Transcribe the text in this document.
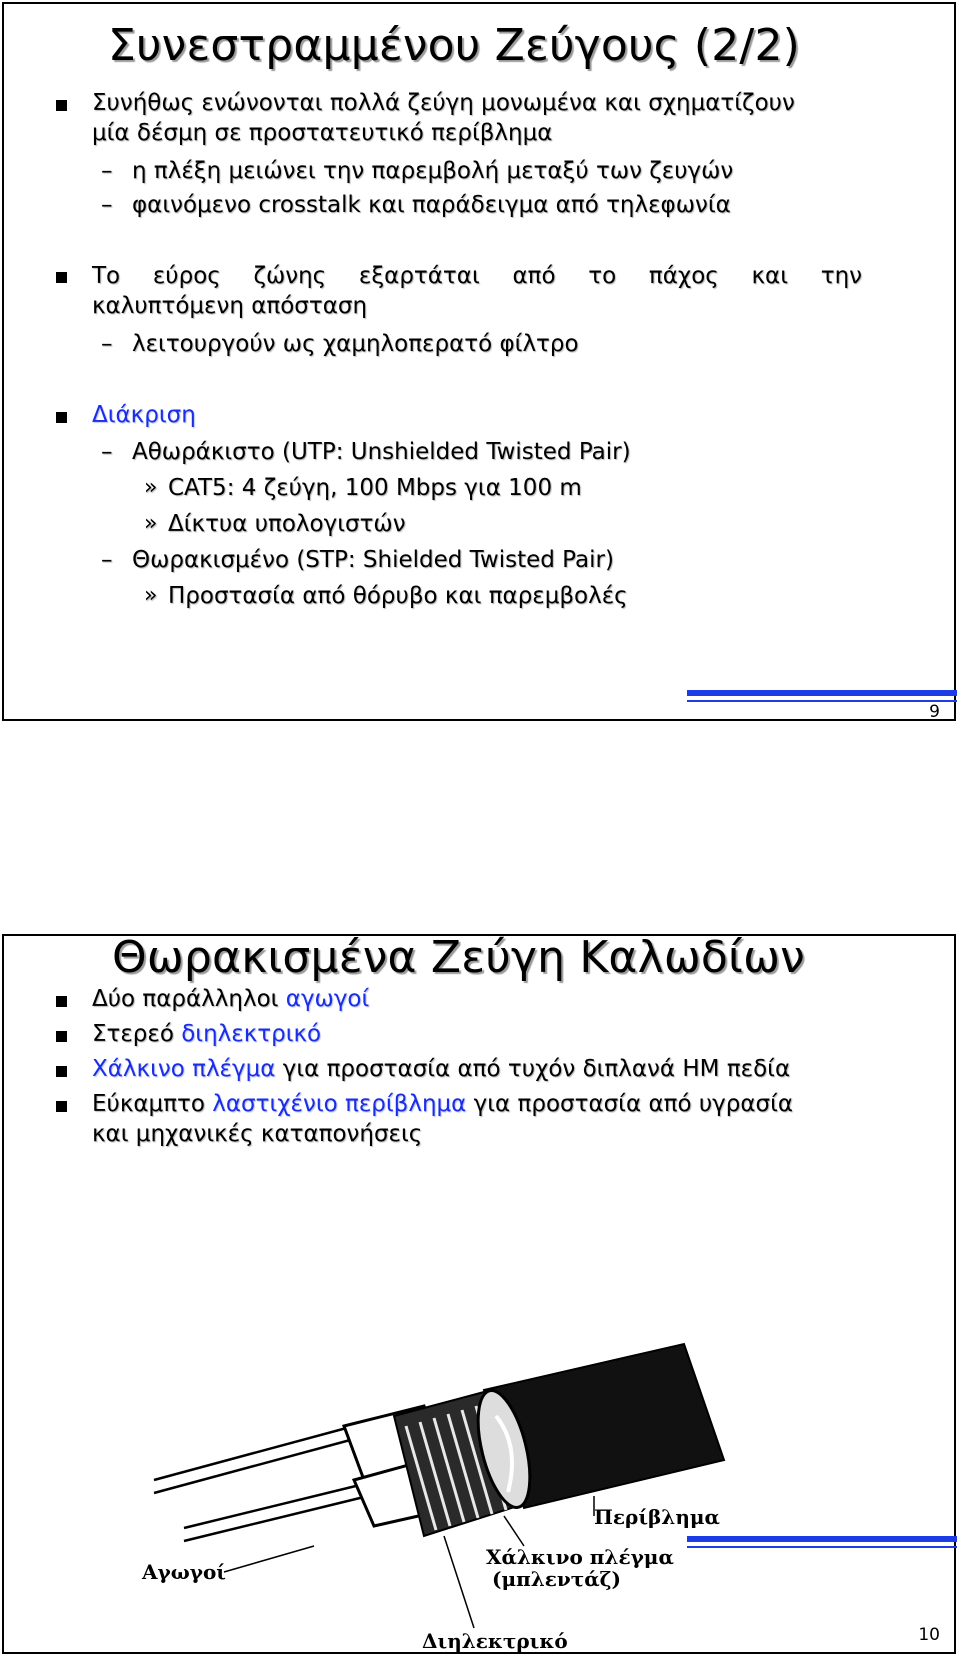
Συνεστραμμένου Ζεύγους (2/2)

Συνήθως ενώνονται πολλά ζεύγη μονωμένα και σχηματίζουν

μία δέσμη σε προστατευτικό περίβλημα

– η πλέξη μειώνει την παρεμβολή μεταξύ των ζευγών

– φαινόμενο crosstalk και παράδειγμα από τηλεφωνία

Το εύρος ζώνης εξαρτάται από το πάχος και την

καλυπτόμενη απόσταση

– λειτουργούν ως χαμηλοπερατό φίλτρο

Διάκριση

– Αθωράκιστο (UTP: Unshielded Twisted Pair)

» CAT5: 4 ζεύγη, 100 Mbps για 100 m

» Δίκτυα υπολογιστών

– Θωρακισμένο (STP: Shielded Twisted Pair)

» Προστασία από θόρυβο και παρεμβολές

9
Θωρακισμένα Ζεύγη Καλωδίων

Δύο παράλληλοι αγωγοί

Στερεό διηλεκτρικό

Χάλκινο πλέγμα για προστασία από τυχόν διπλανά ΗΜ πεδία

Εύκαμπτο λαστιχένιο περίβλημα για προστασία από υγρασία

και μηχανικές καταπονήσεις

Αγωγοί
Περίβλημα
Χάλκινο πλέγμα
(μπλεντάζ)
Διηλεκτρικό	10
